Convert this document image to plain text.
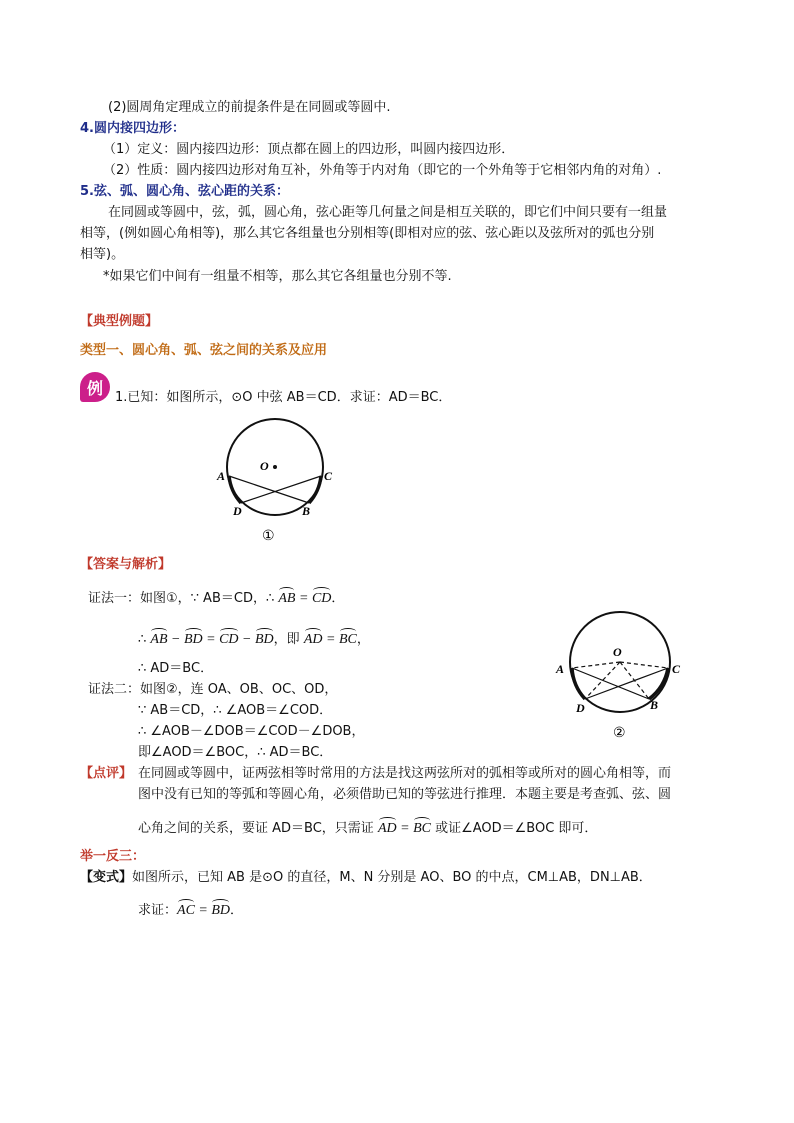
(2)圆周角定理成立的前提条件是在同圆或等圆中.
4.圆内接四边形：
（1）定义：圆内接四边形：顶点都在圆上的四边形，叫圆内接四边形．
（2）性质：圆内接四边形对角互补，外角等于内对角（即它的一个外角等于它相邻内角的对角）.
5.弦、弧、圆心角、弦心距的关系：
在同圆或等圆中，弦，弧，圆心角，弦心距等几何量之间是相互关联的，即它们中间只要有一组量
相等，(例如圆心角相等)，那么其它各组量也分别相等(即相对应的弦、弦心距以及弦所对的弧也分别
相等)。
*如果它们中间有一组量不相等，那么其它各组量也分别不等.
【典型例题】
类型一、圆心角、弧、弦之间的关系及应用
例 1.已知：如图所示，⊙O 中弦 AB＝CD．求证：AD＝BC．
O
A	C
D	B
①
【答案与解析】
证法一：如图①，∵ AB＝CD，∴ AB = CD．
∴ AB − BD = CD − BD，即 AD = BC，
∴ AD＝BC．
证法二：如图②，连 OA、OB、OC、OD，
∵ AB＝CD，∴ ∠AOB＝∠COD．
∴ ∠AOB－∠DOB＝∠COD－∠DOB，
即∠AOD＝∠BOC，∴ AD＝BC．
O
A	C
D	B
②
【点评】 在同圆或等圆中，证两弦相等时常用的方法是找这两弦所对的弧相等或所对的圆心角相等，而
图中没有已知的等弧和等圆心角，必须借助已知的等弦进行推理．本题主要是考查弧、弦、圆
心角之间的关系，要证 AD＝BC，只需证 AD = BC 或证∠AOD＝∠BOC 即可．
举一反三：
【变式】如图所示，已知 AB 是⊙O 的直径，M、N 分别是 AO、BO 的中点，CM⊥AB，DN⊥AB．
求证：AC = BD．
